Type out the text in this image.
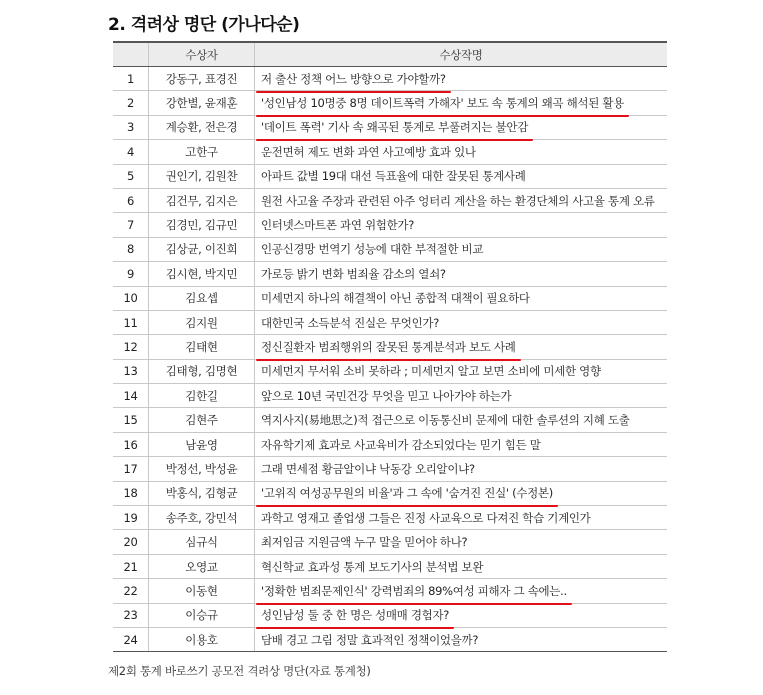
2. 격려상 명단 (가나다순)
	수상자	수상작명
1	강동구, 표경진	저 출산 정책 어느 방향으로 가야할까?
2	강한별, 윤재훈	'성인남성 10명중 8명 데이트폭력 가해자' 보도 속 통계의 왜곡 해석된 활용
3	계승환, 전은경	'데이트 폭력' 기사 속 왜곡된 통계로 부풀려지는 불안감
4	고한구	운전면허 제도 변화 과연 사고예방 효과 있나
5	권인기, 김원찬	아파트 값별 19대 대선 득표율에 대한 잘못된 통계사례
6	김건무, 김지은	원전 사고율 주장과 관련된 아주 엉터리 계산을 하는 환경단체의 사고율 통계 오류
7	김경민, 김규민	인터넷스마트폰 과연 위험한가?
8	김상균, 이진희	인공신경망 번역기 성능에 대한 부적절한 비교
9	김시현, 박지민	가로등 밝기 변화 범죄율 감소의 열쇠?
10	김요셉	미세먼지 하나의 해결책이 아닌 종합적 대책이 필요하다
11	김지원	대한민국 소득분석 진실은 무엇인가?
12	김태현	정신질환자 범죄행위의 잘못된 통계분석과 보도 사례
13	김태형, 김명현	미세먼지 무서워 소비 못하라 ; 미세먼지 알고 보면 소비에 미세한 영향
14	김한길	앞으로 10년 국민건강 무엇을 믿고 나아가야 하는가
15	김현주	역지사지(易地思之)적 접근으로 이동통신비 문제에 대한 솔루션의 지혜 도출
16	남윤영	자유학기제 효과로 사교육비가 감소되었다는 믿기 힘든 말
17	박정선, 박성윤	그래 면세점 황금알이냐 낙동강 오리알이냐?
18	박홍식, 김형균	'고위직 여성공무원의 비율'과 그 속에 '숨겨진 진실' (수정본)
19	송주호, 강민석	과학고 영재고 졸업생 그들은 진정 사교육으로 다져진 학습 기계인가
20	심규식	최저임금 지원금액 누구 말을 믿어야 하나?
21	오영교	혁신학교 효과성 통계 보도기사의 분석법 보완
22	이동현	'정확한 범죄문제인식' 강력범죄의 89%여성 피해자 그 속에는..
23	이승규	성인남성 둘 중 한 명은 성매매 경험자?
24	이용호	담배 경고 그림 정말 효과적인 정책이었을까?
제2회 통계 바로쓰기 공모전 격려상 명단(자료 통계청)
